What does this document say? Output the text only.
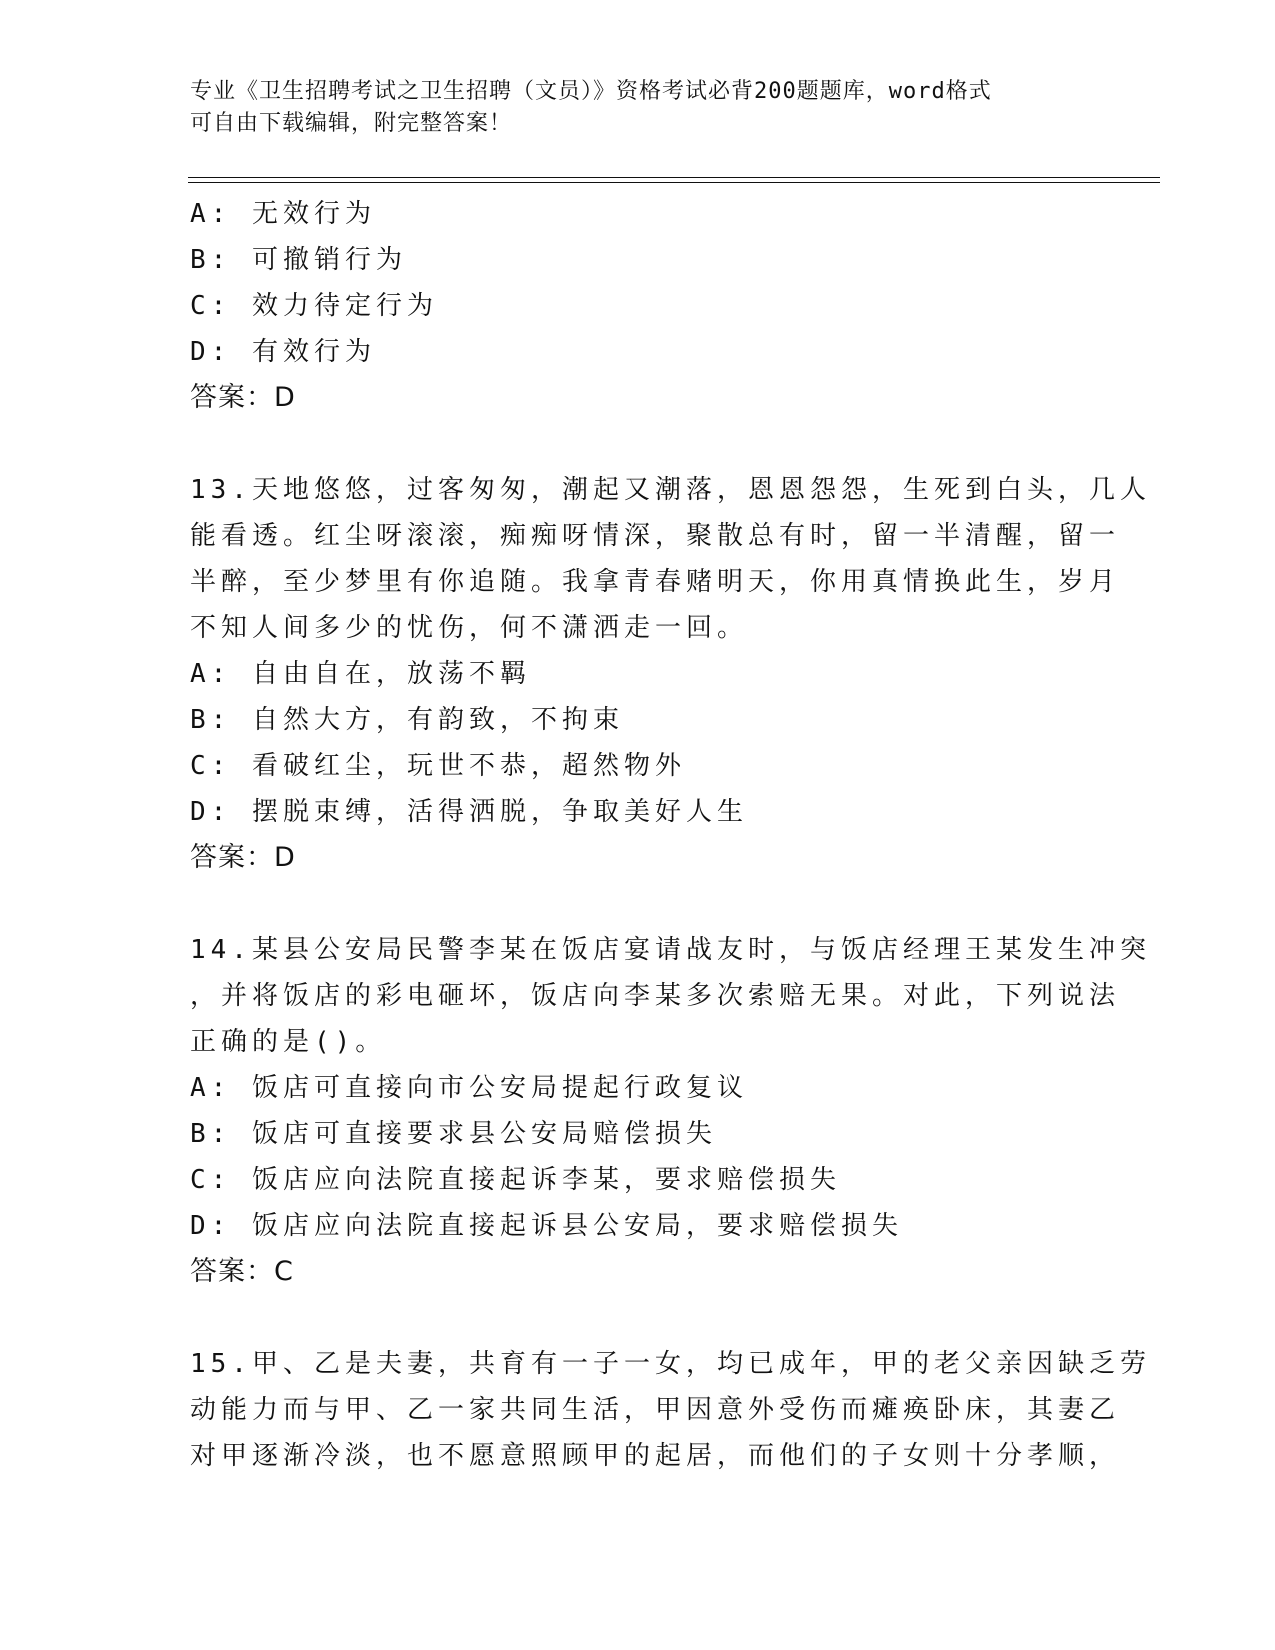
专业《卫生招聘考试之卫生招聘（文员）》资格考试必背200题题库，word格式
可自由下载编辑，附完整答案！

A: 无效行为

B: 可撤销行为

C: 效力待定行为

D: 有效行为

答案：D

13.天地悠悠，过客匆匆，潮起又潮落，恩恩怨怨，生死到白头，几人

能看透。红尘呀滚滚，痴痴呀情深，聚散总有时，留一半清醒，留一

半醉，至少梦里有你追随。我拿青春赌明天，你用真情换此生，岁月

不知人间多少的忧伤，何不潇洒走一回。

A: 自由自在，放荡不羁

B: 自然大方，有韵致，不拘束

C: 看破红尘，玩世不恭，超然物外

D: 摆脱束缚，活得洒脱，争取美好人生

答案：D

14.某县公安局民警李某在饭店宴请战友时，与饭店经理王某发生冲突

，并将饭店的彩电砸坏，饭店向李某多次索赔无果。对此，下列说法

正确的是()。

A: 饭店可直接向市公安局提起行政复议

B: 饭店可直接要求县公安局赔偿损失

C: 饭店应向法院直接起诉李某，要求赔偿损失

D: 饭店应向法院直接起诉县公安局，要求赔偿损失

答案：C

15.甲、乙是夫妻，共育有一子一女，均已成年，甲的老父亲因缺乏劳

动能力而与甲、乙一家共同生活，甲因意外受伤而瘫痪卧床，其妻乙

对甲逐渐冷淡，也不愿意照顾甲的起居，而他们的子女则十分孝顺，
